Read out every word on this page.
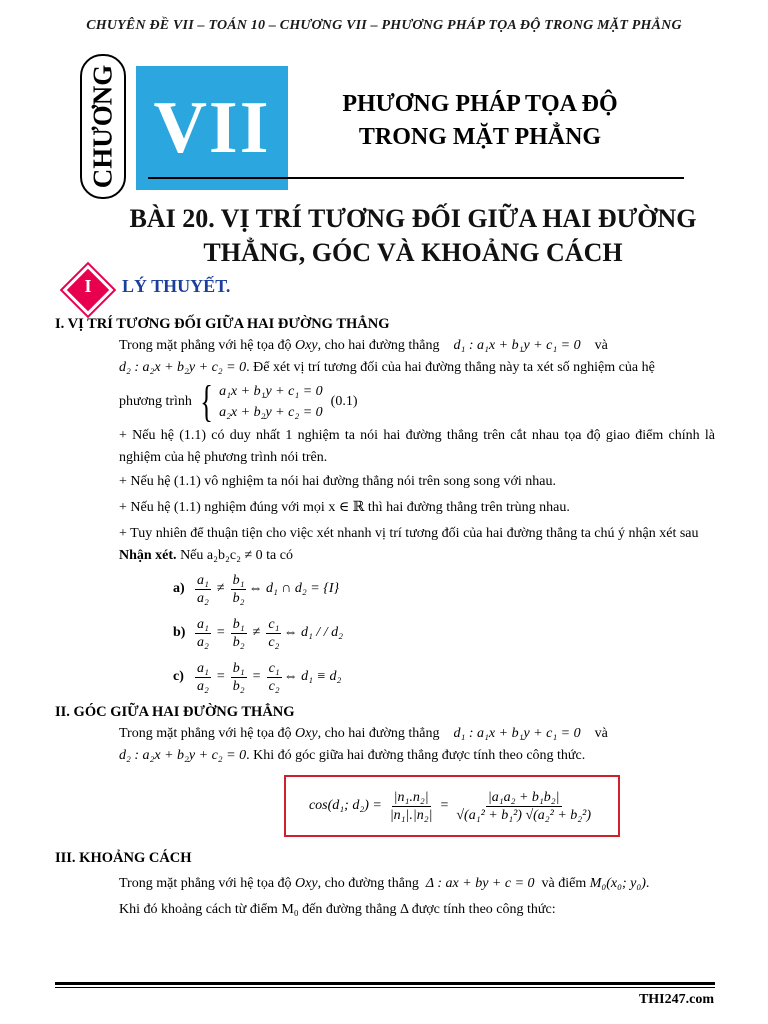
CHUYÊN ĐỀ VII – TOÁN 10 – CHƯƠNG VII – PHƯƠNG PHÁP TỌA ĐỘ TRONG MẶT PHẲNG
CHƯƠNG VII	PHƯƠNG PHÁP TỌA ĐỘ
TRONG MẶT PHẲNG
BÀI 20. VỊ TRÍ TƯƠNG ĐỐI GIỮA HAI ĐƯỜNG
THẲNG, GÓC VÀ KHOẢNG CÁCH
I	LÝ THUYẾT.
I. VỊ TRÍ TƯƠNG ĐỐI GIỮA HAI ĐƯỜNG THẲNG
Trong mặt phẳng với hệ tọa độ Oxy, cho hai đường thẳng d₁ : a₁x + b₁y + c₁ = 0 và
d₂ : a₂x + b₂y + c₂ = 0. Để xét vị trí tương đối của hai đường thẳng này ta xét số nghiệm của hệ
phương trình { a₁x + b₁y + c₁ = 0
a₂x + b₂y + c₂ = 0
(0.1)
+ Nếu hệ (1.1) có duy nhất 1 nghiệm ta nói hai đường thẳng trên cắt nhau tọa độ giao điểm chính là nghiệm của hệ phương trình nói trên.
+ Nếu hệ (1.1) vô nghiệm ta nói hai đường thẳng nói trên song song với nhau.
+ Nếu hệ (1.1) nghiệm đúng với mọi x ∈ ℝ thì hai đường thẳng trên trùng nhau.
+ Tuy nhiên để thuận tiện cho việc xét nhanh vị trí tương đối của hai đường thẳng ta chú ý nhận xét sau
Nhận xét. Nếu a₂b₂c₂ ≠ 0 ta có
$a) \frac{\text{a₁}}{\text{a₂}} \ne \frac{\text{b₁}}{\text{b₂}}$ ⇔ d₁ ∩ d₂ = {I}
$b) \frac{\text{a₁}}{\text{a₂}} = \frac{\text{b₁}}{\text{b₂}} \ne \frac{\text{c₁}}{\text{c₂}}$ ⇔ d₁ / / d₂
$c) \frac{\text{a₁}}{\text{a₂}} = \frac{\text{b₁}}{\text{b₂}} = \frac{\text{c₁}}{\text{c₂}}$ ⇔ d₁ ≡ d₂
II. GÓC GIỮA HAI ĐƯỜNG THẲNG
Trong mặt phẳng với hệ tọa độ Oxy, cho hai đường thẳng d₁ : a₁x + b₁y + c₁ = 0 và
d₂ : a₂x + b₂y + c₂ = 0. Khi đó góc giữa hai đường thẳng được tính theo công thức.
cos(d₁; $d_2) = \frac{\text{|n₁.n₂|}}{\text{|n₁|.|n₂|}} = \frac{\text{|a₁a₂ + b₁b₂|}}{\text{√(a₁² + b₁²) √(a₂² + b₂²)}}$
III. KHOẢNG CÁCH
Trong mặt phẳng với hệ tọa độ Oxy, cho đường thẳng Δ : ax + by + c = 0 và điểm M₀(x₀; y₀).
Khi đó khoảng cách từ điểm M₀ đến đường thẳng Δ được tính theo công thức:
THI247.com
